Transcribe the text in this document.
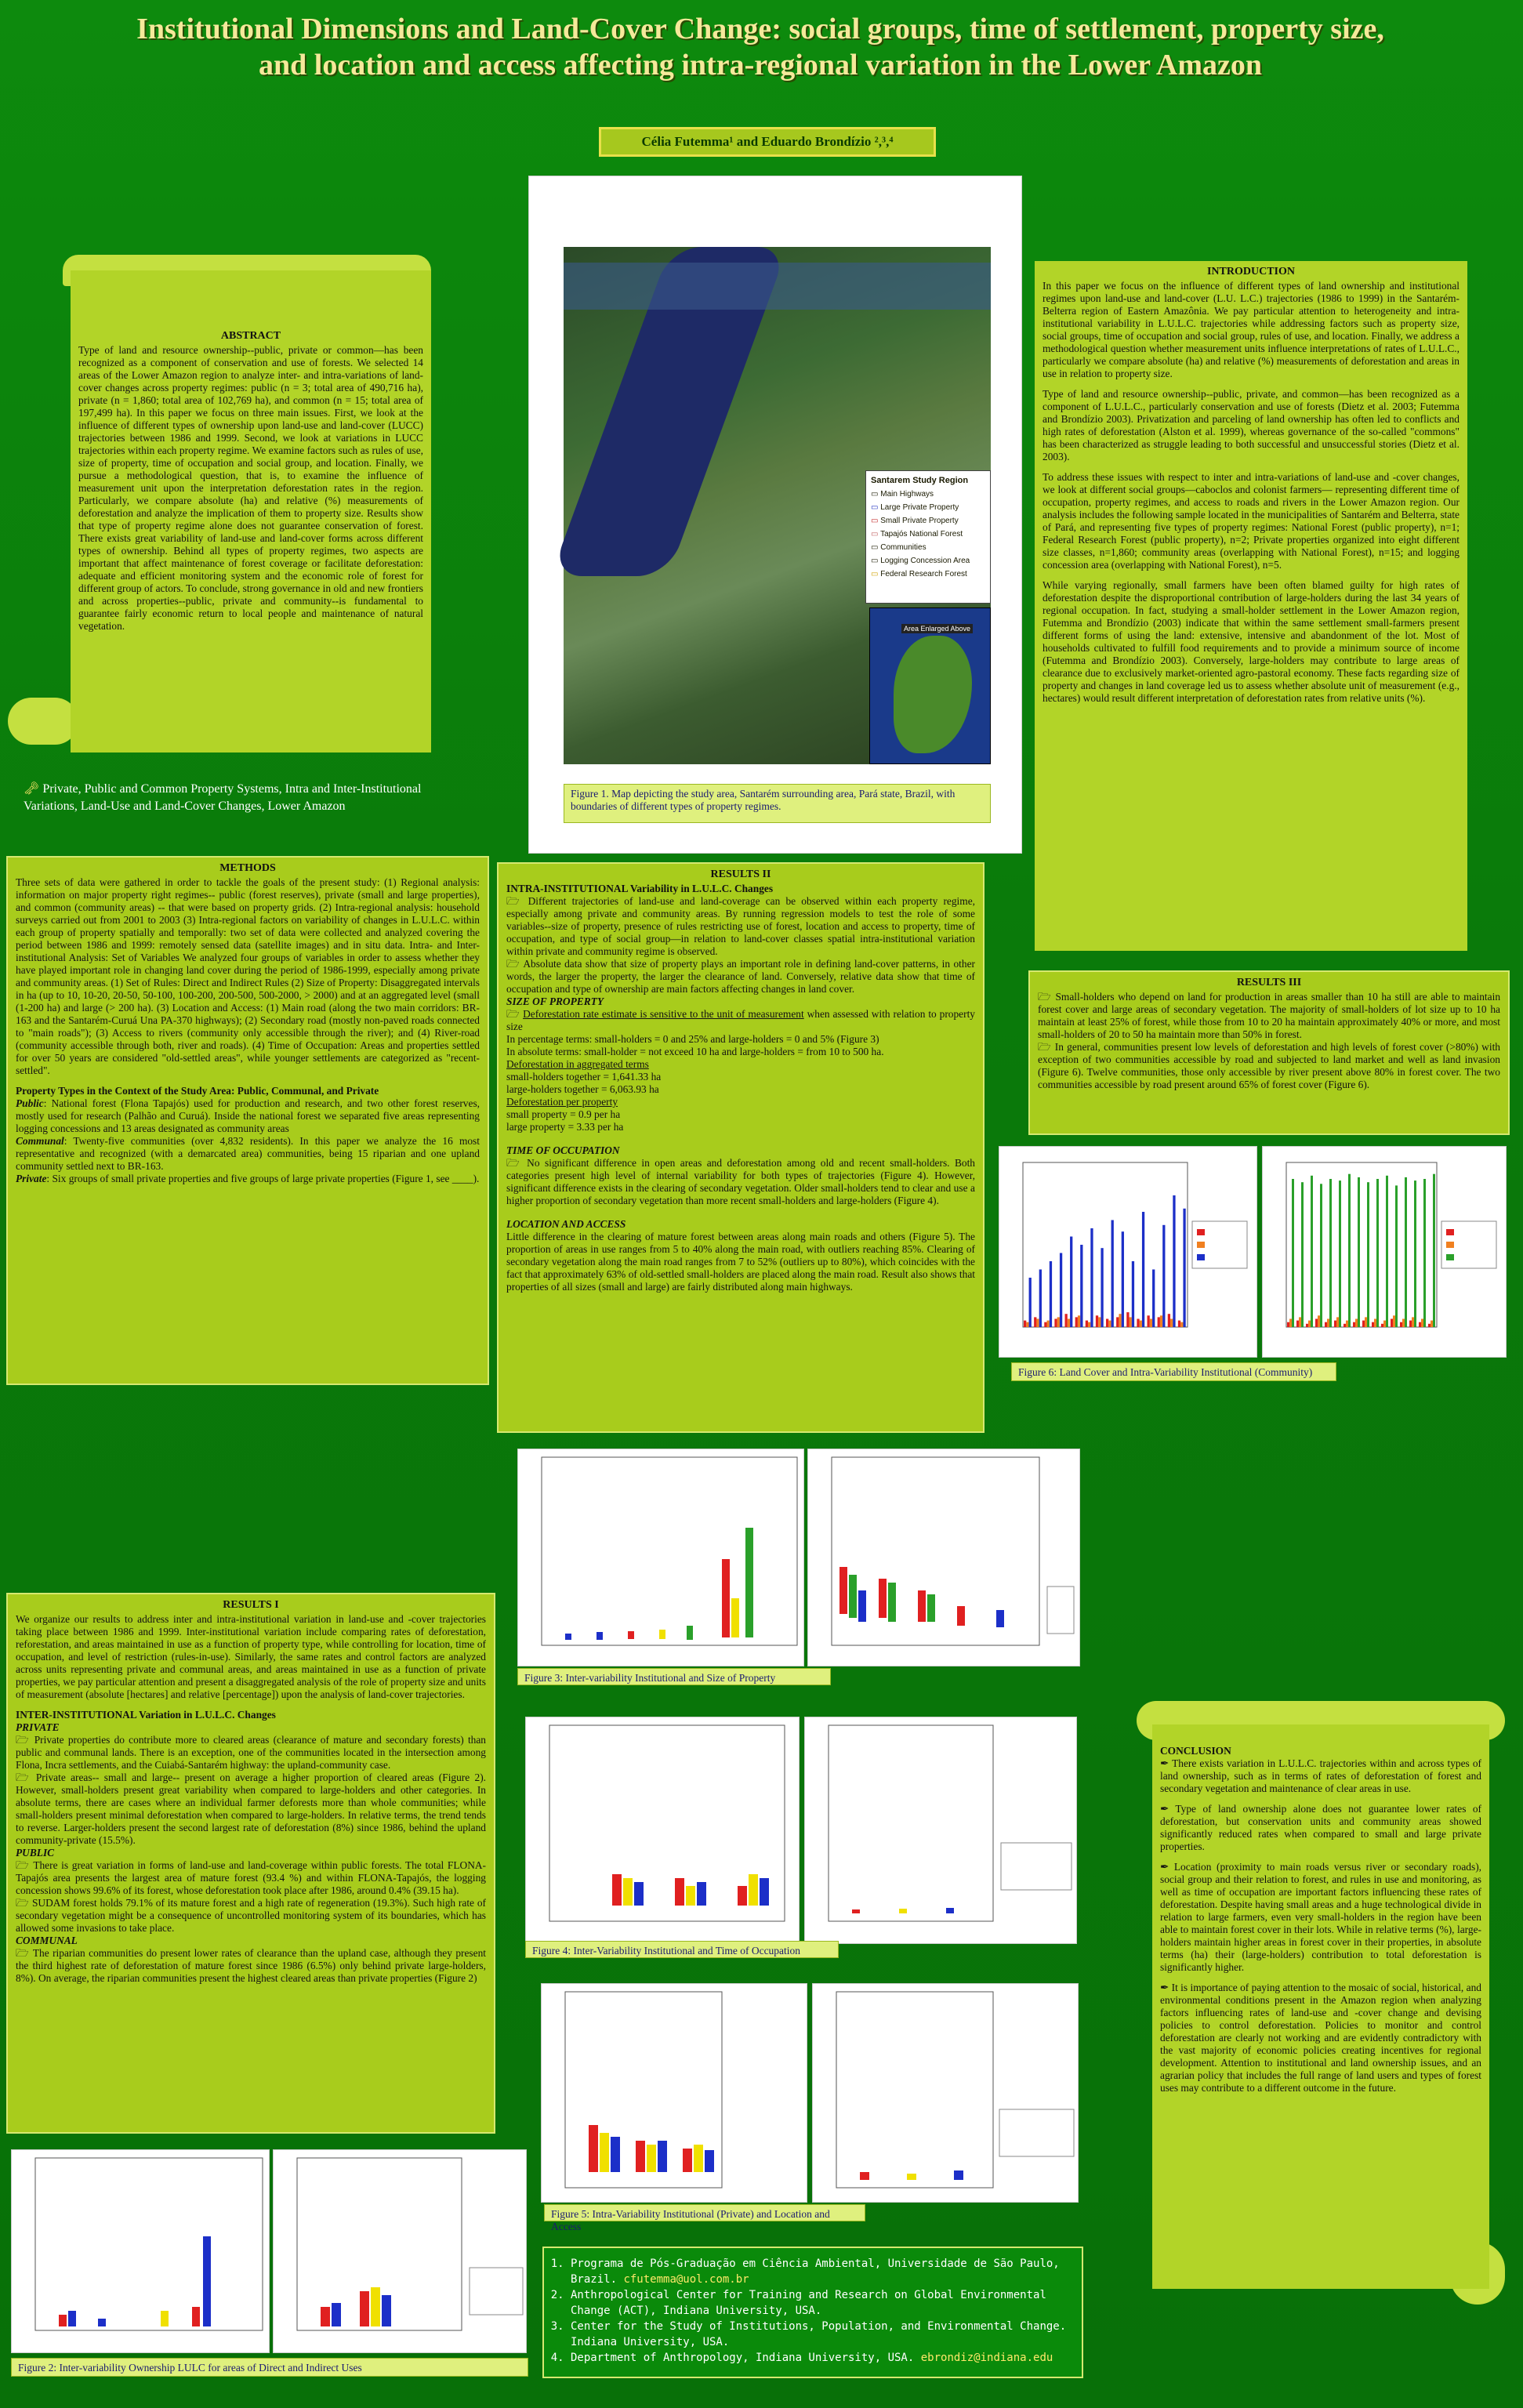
Institutional Dimensions and Land-Cover Change: social groups, time of settlement, property size, and location and access affecting intra-regional variation in the Lower Amazon
Célia Futemma¹ and Eduardo Brondízio ²,³,⁴
ABSTRACT

Type of land and resource ownership--public, private or common—has been recognized as a component of conservation and use of forests. We selected 14 areas of the Lower Amazon region to analyze inter- and intra-variations of land-cover changes across property regimes: public (n = 3; total area of 490,716 ha), private (n = 1,860; total area of 102,769 ha), and common (n = 15; total area of 197,499 ha). In this paper we focus on three main issues. First, we look at the influence of different types of ownership upon land-use and land-cover (LUCC) trajectories between 1986 and 1999. Second, we look at variations in LUCC trajectories within each property regime. We examine factors such as rules of use, size of property, time of occupation and social group, and location. Finally, we pursue a methodological question, that is, to examine the influence of measurement unit upon the interpretation deforestation rates in the region. Particularly, we compare absolute (ha) and relative (%) measurements of deforestation and analyze the implication of them to property size. Results show that type of property regime alone does not guarantee conservation of forest. There exists great variability of land-use and land-cover forms across different types of ownership. Behind all types of property regimes, two aspects are important that affect maintenance of forest coverage or facilitate deforestation: adequate and efficient monitoring system and the economic role of forest for different group of actors. To conclude, strong governance in old and new frontiers and across properties--public, private and community--is fundamental to guarantee fairly economic return to local people and maintenance of natural vegetation.

🗝 Private, Public and Common Property Systems, Intra and Inter-Institutional Variations, Land-Use and Land-Cover Changes, Lower Amazon
Santarem Study Region
▭ Main Highways
▭ Large Private Property
▭ Small Private Property
▭ Tapajós National Forest
▭ Communities
▭ Logging Concession Area
▭ Federal Research Forest
Area Enlarged Above
Figure 1. Map depicting the study area, Santarém surrounding area, Pará state, Brazil, with boundaries of different types of property regimes.
INTRODUCTION

In this paper we focus on the influence of different types of land ownership and institutional regimes upon land-use and land-cover (L.U. L.C.) trajectories (1986 to 1999) in the Santarém-Belterra region of Eastern Amazônia. We pay particular attention to heterogeneity and intra-institutional variability in L.U.L.C. trajectories while addressing factors such as property size, social groups, time of occupation and social group, rules of use, and location. Finally, we address a methodological question whether measurement units influence interpretations of rates of L.U.L.C., particularly we compare absolute (ha) and relative (%) measurements of deforestation and areas in use in relation to property size.

Type of land and resource ownership--public, private, and common—has been recognized as a component of L.U.L.C., particularly conservation and use of forests (Dietz et al. 2003; Futemma and Brondízio 2003). Privatization and parceling of land ownership has often led to conflicts and high rates of deforestation (Alston et al. 1999), whereas governance of the so-called "commons" has been characterized as struggle leading to both successful and unsuccessful stories (Dietz et al. 2003).

To address these issues with respect to inter and intra-variations of land-use and -cover changes, we look at different social groups—caboclos and colonist farmers— representing different time of occupation, property regimes, and access to roads and rivers in the Lower Amazon region. Our analysis includes the following sample located in the municipalities of Santarém and Belterra, state of Pará, and representing five types of property regimes: National Forest (public property), n=1; Federal Research Forest (public property), n=2; Private properties organized into eight different size classes, n=1,860; community areas (overlapping with National Forest), n=15; and logging concession area (overlapping with National Forest), n=5.

While varying regionally, small farmers have been often blamed guilty for high rates of deforestation despite the disproportional contribution of large-holders during the last 34 years of regional occupation. In fact, studying a small-holder settlement in the Lower Amazon region, Futemma and Brondízio (2003) indicate that within the same settlement small-farmers present different forms of using the land: extensive, intensive and abandonment of the lot. Most of households cultivated to fulfill food requirements and to provide a minimum source of income (Futemma and Brondízio 2003). Conversely, large-holders may contribute to large areas of clearance due to exclusively market-oriented agro-pastoral economy. These facts regarding size of property and changes in land coverage led us to assess whether absolute unit of measurement (e.g., hectares) would result different interpretation of deforestation rates from relative units (%).

METHODS

Three sets of data were gathered in order to tackle the goals of the present study: (1) Regional analysis: information on major property right regimes-- public (forest reserves), private (small and large properties), and common (community areas) -- that were based on property grids. (2) Intra-regional analysis: household surveys carried out from 2001 to 2003 (3) Intra-regional factors on variability of changes in L.U.L.C. within each group of property spatially and temporally: two set of data were collected and analyzed covering the period between 1986 and 1999: remotely sensed data (satellite images) and in situ data. Intra- and Inter-institutional Analysis: Set of Variables We analyzed four groups of variables in order to assess whether they have played important role in changing land cover during the period of 1986-1999, especially among private and community areas. (1) Set of Rules: Direct and Indirect Rules (2) Size of Property: Disaggregated intervals in ha (up to 10, 10-20, 20-50, 50-100, 100-200, 200-500, 500-2000, > 2000) and at an aggregated level (small (1-200 ha) and large (> 200 ha). (3) Location and Access: (1) Main road (along the two main corridors: BR-163 and the Santarém-Curuá Una PA-370 highways); (2) Secondary road (mostly non-paved roads connected to "main roads"); (3) Access to rivers (community only accessible through the river); and (4) River-road (community accessible through both, river and roads). (4) Time of Occupation: Areas and properties settled for over 50 years are considered "old-settled areas", while younger settlements are categorized as "recent-settled".

Property Types in the Context of the Study Area: Public, Communal, and Private
Public: National forest (Flona Tapajós) used for production and research, and two other forest reserves, mostly used for research (Palhão and Curuá). Inside the national forest we separated five areas representing logging concessions and 13 areas designated as community areas
Communal: Twenty-five communities (over 4,832 residents). In this paper we analyze the 16 most representative and recognized (with a demarcated area) communities, being 15 riparian and one upland community settled next to BR-163.
Private: Six groups of small private properties and five groups of large private properties (Figure 1, see ____).
RESULTS II
INTRA-INSTITUTIONAL Variability in L.U.L.C. Changes
🗁 Different trajectories of land-use and land-coverage can be observed within each property regime, especially among private and community areas. By running regression models to test the role of some variables--size of property, presence of rules restricting use of forest, location and access to property, time of occupation, and type of social group—in relation to land-cover classes spatial intra-institutional variation within private and community regime is observed.
🗁 Absolute data show that size of property plays an important role in defining land-cover patterns, in other words, the larger the property, the larger the clearance of land. Conversely, relative data show that time of occupation and type of ownership are main factors affecting changes in land cover.
SIZE OF PROPERTY
🗁 Deforestation rate estimate is sensitive to the unit of measurement when assessed with relation to property size
In percentage terms: small-holders = 0 and 25% and large-holders = 0 and 5% (Figure 3)
In absolute terms: small-holder = not exceed 10 ha and large-holders = from 10 to 500 ha.
Deforestation in aggregated terms
small-holders together = 1,641.33 ha
large-holders together = 6,063.93 ha
Deforestation per property
small property = 0.9 per ha
large property = 3.33 per ha
TIME OF OCCUPATION
🗁 No significant difference in open areas and deforestation among old and recent small-holders. Both categories present high level of internal variability for both types of trajectories (Figure 4). However, significant difference exists in the clearing of secondary vegetation. Older small-holders tend to clear and use a higher proportion of secondary vegetation than more recent small-holders and large-holders (Figure 4).
LOCATION AND ACCESS
Little difference in the clearing of mature forest between areas along main roads and others (Figure 5). The proportion of areas in use ranges from 5 to 40% along the main road, with outliers reaching 85%. Clearing of secondary vegetation along the main road ranges from 7 to 52% (outliers up to 80%), which coincides with the fact that approximately 63% of old-settled small-holders are placed along the main road. Result also shows that properties of all sizes (small and large) are fairly distributed along main highways.
RESULTS III
🗁 Small-holders who depend on land for production in areas smaller than 10 ha still are able to maintain forest cover and large areas of secondary vegetation. The majority of small-holders of lot size up to 10 ha maintain at least 25% of forest, while those from 10 to 20 ha maintain approximately 40% or more, and most small-holders of 20 to 50 ha maintain more than 50% in forest.
🗁 In general, communities present low levels of deforestation and high levels of forest cover (>80%) with exception of two communities accessible by road and subjected to land market and well as land invasion (Figure 6). Twelve communities, those only accessible by river present above 80% in forest cover. The two communities accessible by road present around 65% of forest cover (Figure 6).
Figure 6: Land Cover and Intra-Variability Institutional (Community)
Figure 3: Inter-variability Institutional and Size of Property
RESULTS I

We organize our results to address inter and intra-institutional variation in land-use and -cover trajectories taking place between 1986 and 1999. Inter-institutional variation include comparing rates of deforestation, reforestation, and areas maintained in use as a function of property type, while controlling for location, time of occupation, and level of restriction (rules-in-use). Similarly, the same rates and control factors are analyzed across units representing private and communal areas, and areas maintained in use as a function of private properties, we pay particular attention and present a disaggregated analysis of the role of property size and units of measurement (absolute [hectares] and relative [percentage]) upon the analysis of land-cover trajectories.

INTER-INSTITUTIONAL Variation in L.U.L.C. Changes
PRIVATE
🗁 Private properties do contribute more to cleared areas (clearance of mature and secondary forests) than public and communal lands. There is an exception, one of the communities located in the intersection among Flona, Incra settlements, and the Cuiabá-Santarém highway: the upland-community case.
🗁 Private areas-- small and large-- present on average a higher proportion of cleared areas (Figure 2). However, small-holders present great variability when compared to large-holders and other categories. In absolute terms, there are cases where an individual farmer deforests more than whole communities; while small-holders present minimal deforestation when compared to large-holders. In relative terms, the trend tends to reverse. Larger-holders present the second largest rate of deforestation (8%) since 1986, behind the upland community-private (15.5%).
PUBLIC
🗁 There is great variation in forms of land-use and land-coverage within public forests. The total FLONA-Tapajós area presents the largest area of mature forest (93.4 %) and within FLONA-Tapajós, the logging concession shows 99.6% of its forest, whose deforestation took place after 1986, around 0.4% (39.15 ha).
🗁 SUDAM forest holds 79.1% of its mature forest and a high rate of regeneration (19.3%). Such high rate of secondary vegetation might be a consequence of uncontrolled monitoring system of its boundaries, which has allowed some invasions to take place.
COMMUNAL
🗁 The riparian communities do present lower rates of clearance than the upland case, although they present the third highest rate of deforestation of mature forest since 1986 (6.5%) only behind private large-holders, 8%). On average, the riparian communities present the highest cleared areas than private properties (Figure 2)
Figure 4: Inter-Variability Institutional and Time of Occupation
Figure 5: Intra-Variability Institutional (Private) and Location and Access
CONCLUSION

✒ There exists variation in L.U.L.C. trajectories within and across types of land ownership, such as in terms of rates of deforestation of forest and secondary vegetation and maintenance of clear areas in use.

✒ Type of land ownership alone does not guarantee lower rates of deforestation, but conservation units and community areas showed significantly reduced rates when compared to small and large private properties.

✒ Location (proximity to main roads versus river or secondary roads), social group and their relation to forest, and rules in use and monitoring, as well as time of occupation are important factors influencing these rates of deforestation. Despite having small areas and a huge technological divide in relation to large farmers, even very small-holders in the region have been able to maintain forest cover in their lots. While in relative terms (%), large-holders maintain higher areas in forest cover in their properties, in absolute terms (ha) their (large-holders) contribution to total deforestation is significantly higher.

✒ It is importance of paying attention to the mosaic of social, historical, and environmental conditions present in the Amazon region when analyzing factors influencing rates of land-use and -cover change and devising policies to control deforestation. Policies to monitor and control deforestation are clearly not working and are evidently contradictory with the vast majority of economic policies creating incentives for regional development. Attention to institutional and land ownership issues, and an agrarian policy that includes the full range of land users and types of forest uses may contribute to a different outcome in the future.

Figure 2: Inter-variability Ownership LULC for areas of Direct and Indirect Uses
1. Programa de Pós-Graduação em Ciência Ambiental, Universidade de São Paulo, Brazil. cfutemma@uol.com.br
2. Anthropological Center for Training and Research on Global Environmental Change (ACT), Indiana University, USA.
3. Center for the Study of Institutions, Population, and Environmental Change. Indiana University, USA.
4. Department of Anthropology, Indiana University, USA. ebrondiz@indiana.edu
